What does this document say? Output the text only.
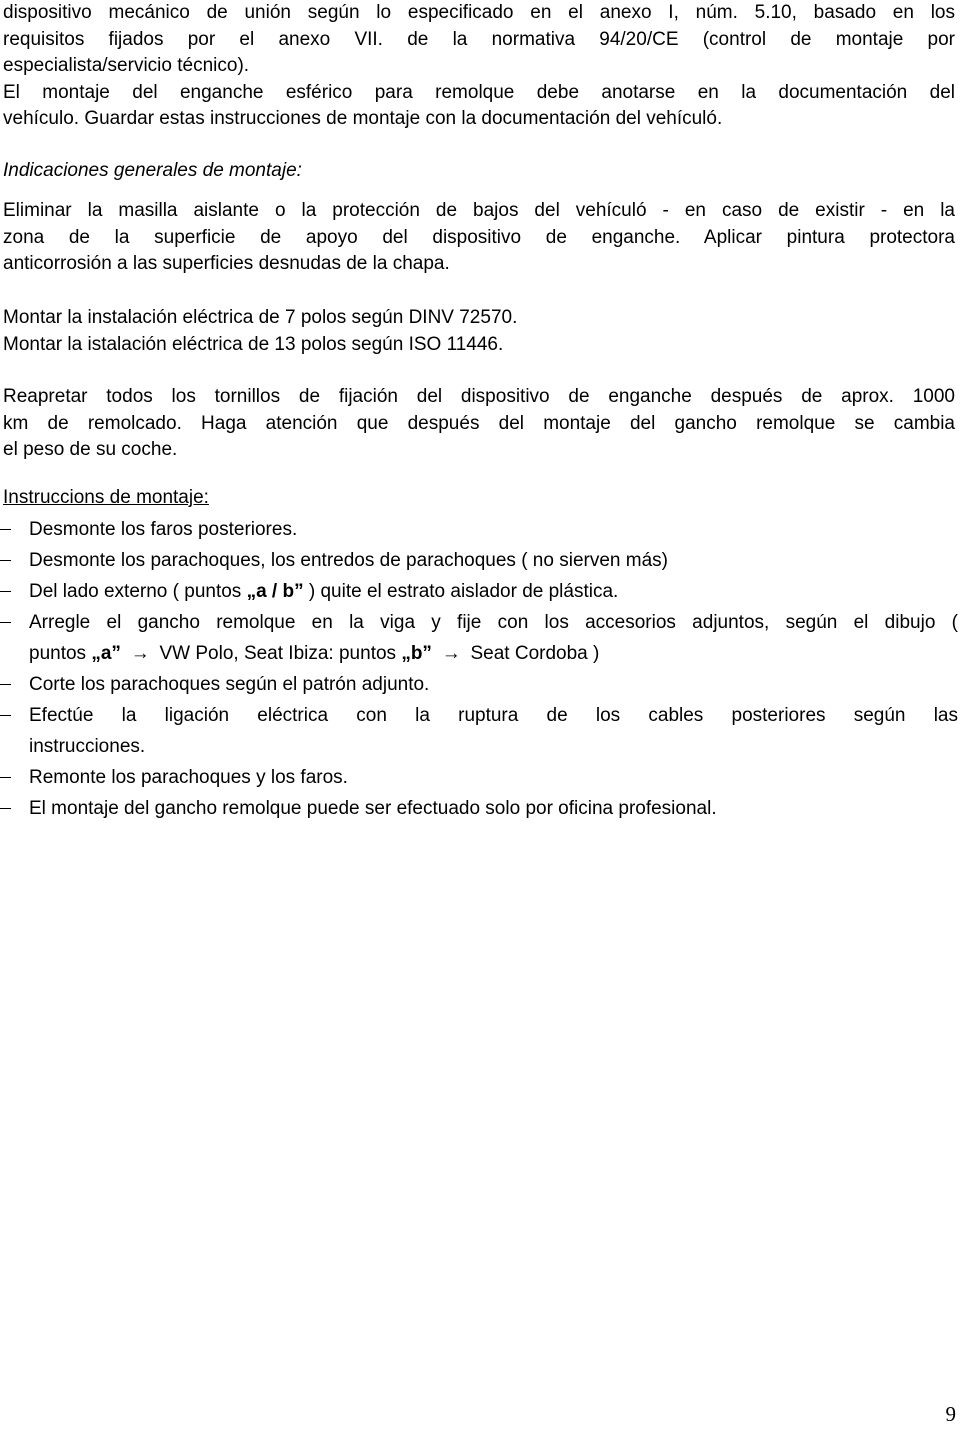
dispositivo mecánico de unión según lo especificado en el anexo I, núm. 5.10, basado en los
requisitos fijados por el anexo VII. de la normativa 94/20/CE (control de montaje por
especialista/servicio técnico).
El montaje del enganche esférico para remolque debe anotarse en la documentación del
vehículo. Guardar estas instrucciones de montaje con la documentación del vehículó.

Indicaciones generales de montaje:

Eliminar la masilla aislante o la protección de bajos del vehículó - en caso de existir - en la
zona de la superficie de apoyo del dispositivo de enganche. Aplicar pintura protectora
anticorrosión a las superficies desnudas de la chapa.

Montar la instalación eléctrica de 7 polos según DINV 72570.
Montar la istalación eléctrica de 13 polos según ISO 11446.

Reapretar todos los tornillos de fijación del dispositivo de enganche después de aprox. 1000
km de remolcado. Haga atención que después del montaje del gancho remolque se cambia
el peso de su coche.

Instruccions de montaje:

Desmonte los faros posteriores.
Desmonte los parachoques, los entredos de parachoques ( no sierven más)
Del lado externo ( puntos „a / b” ) quite el estrato aislador de plástica.
Arregle el gancho remolque en la viga y fije con los accesorios adjuntos, según el dibujo (
puntos „a” → VW Polo, Seat Ibiza: puntos „b” → Seat Cordoba )
Corte los parachoques según el patrón adjunto.
Efectúe la ligación eléctrica con la ruptura de los cables posteriores según las
instrucciones.
Remonte los parachoques y los faros.
El montaje del gancho remolque puede ser efectuado solo por oficina profesional.
9
